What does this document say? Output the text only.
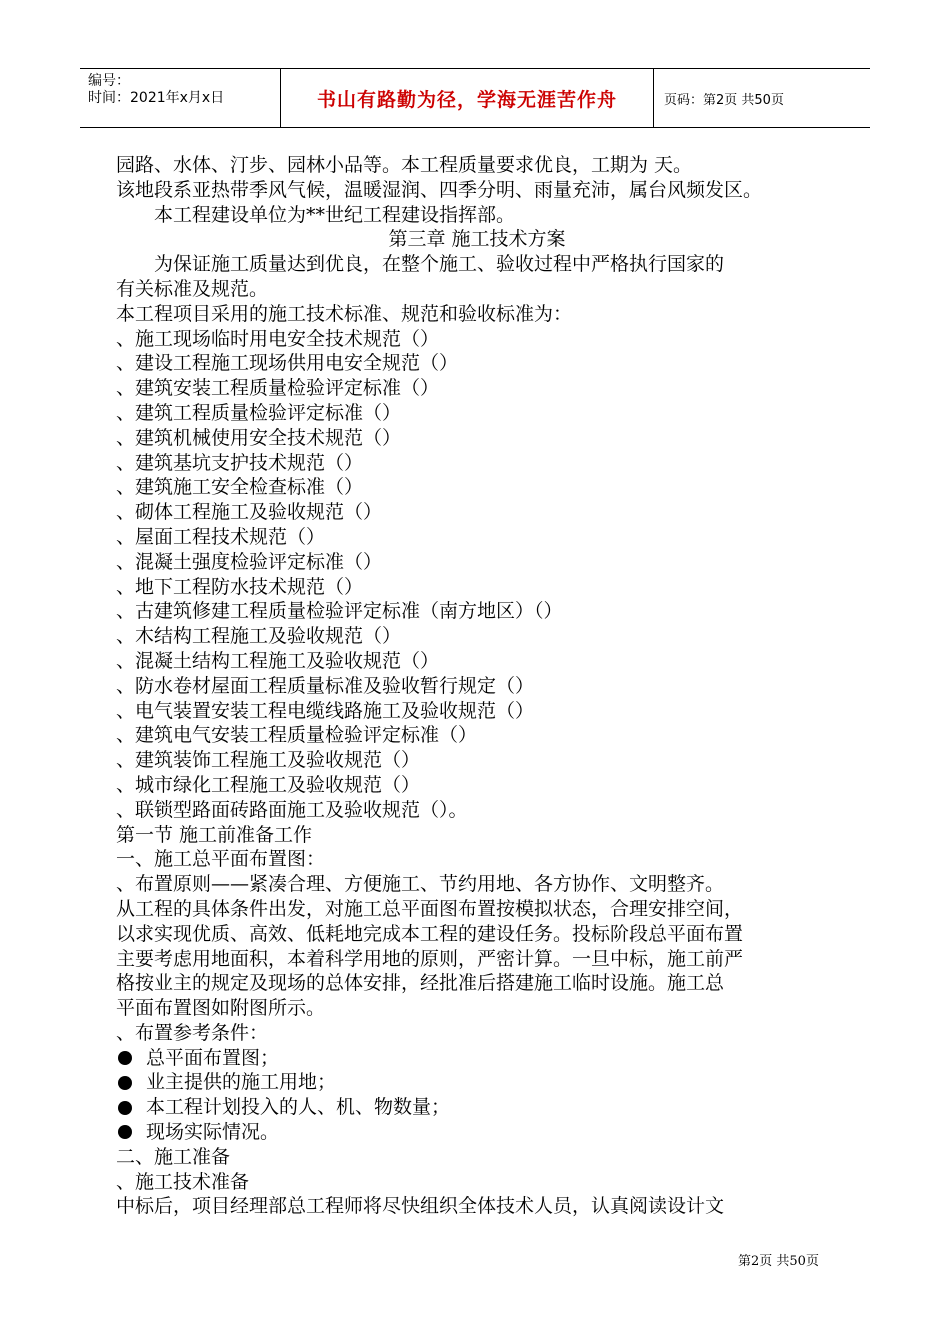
编号：
时间：2021年x月x日	书山有路勤为径，学海无涯苦作舟	页码：第2页 共50页
园路、水体、汀步、园林小品等。本工程质量要求优良，工期为 天。
该地段系亚热带季风气候，温暖湿润、四季分明、雨量充沛，属台风频发区。
本工程建设单位为**世纪工程建设指挥部。
第三章 施工技术方案
为保证施工质量达到优良，在整个施工、验收过程中严格执行国家的
有关标准及规范。
本工程项目采用的施工技术标准、规范和验收标准为：
、施工现场临时用电安全技术规范（）
、建设工程施工现场供用电安全规范（）
、建筑安装工程质量检验评定标准（）
、建筑工程质量检验评定标准（）
、建筑机械使用安全技术规范（）
、建筑基坑支护技术规范（）
、建筑施工安全检查标准（）
、砌体工程施工及验收规范（）
、屋面工程技术规范（）
、混凝土强度检验评定标准（）
、地下工程防水技术规范（）
、古建筑修建工程质量检验评定标准（南方地区）（）
、木结构工程施工及验收规范（）
、混凝土结构工程施工及验收规范（）
、防水卷材屋面工程质量标准及验收暂行规定（）
、电气装置安装工程电缆线路施工及验收规范（）
、建筑电气安装工程质量检验评定标准（）
、建筑装饰工程施工及验收规范（）
、城市绿化工程施工及验收规范（）
、联锁型路面砖路面施工及验收规范（）。
第一节 施工前准备工作
一、施工总平面布置图：
、布置原则——紧凑合理、方便施工、节约用地、各方协作、文明整齐。
从工程的具体条件出发，对施工总平面图布置按模拟状态，合理安排空间，
以求实现优质、高效、低耗地完成本工程的建设任务。投标阶段总平面布置
主要考虑用地面积，本着科学用地的原则，严密计算。一旦中标，施工前严
格按业主的规定及现场的总体安排，经批准后搭建施工临时设施。施工总
平面布置图如附图所示。
、布置参考条件：
总平面布置图；
业主提供的施工用地；
本工程计划投入的人、机、物数量；
现场实际情况。
二、施工准备
、施工技术准备
中标后，项目经理部总工程师将尽快组织全体技术人员，认真阅读设计文
第2页 共50页
